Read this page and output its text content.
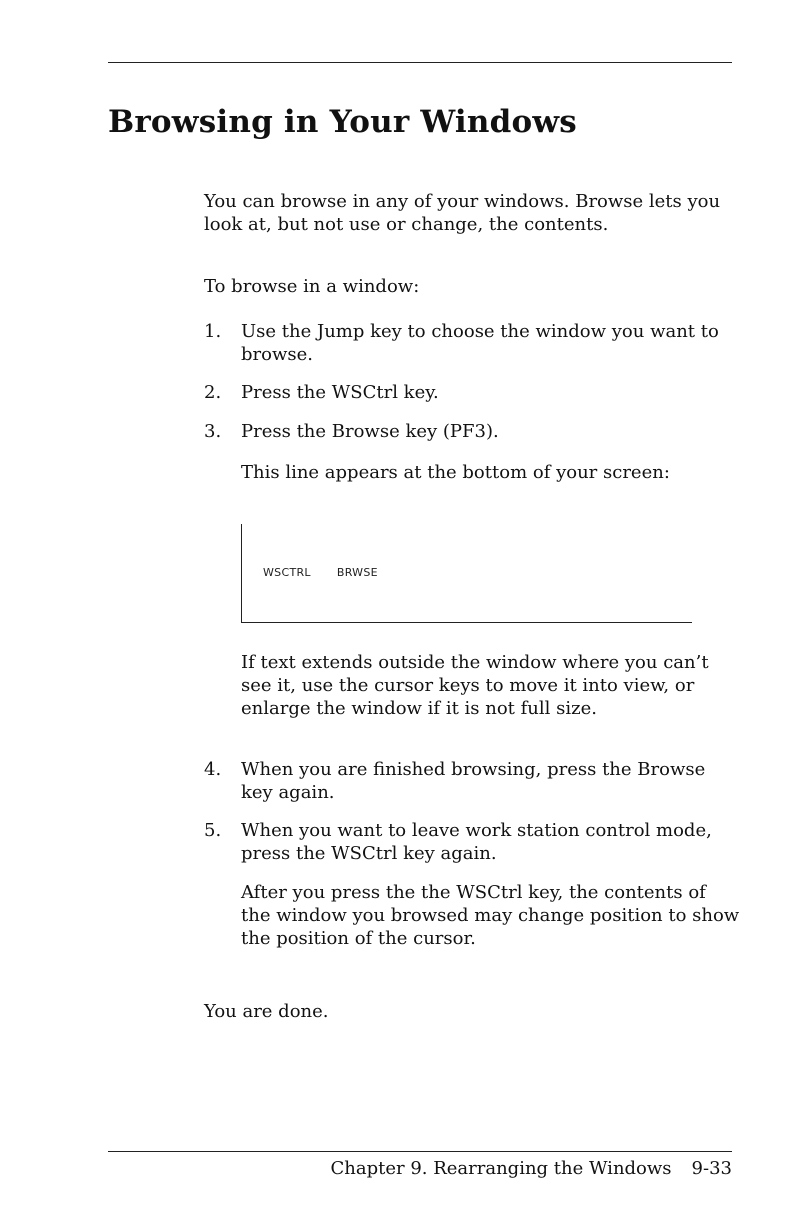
Browsing in Your Windows

You can browse in any of your windows. Browse lets you look at, but not use or change, the contents.

To browse in a window:

1. Use the Jump key to choose the window you want to browse.
2. Press the WSCtrl key.
3. Press the Browse key (PF3).

This line appears at the bottom of your screen:

WSCTRL BRWSE

If text extends outside the window where you can’t see it, use the cursor keys to move it into view, or enlarge the window if it is not full size.

4. When you are finished browsing, press the Browse key again.
5. When you want to leave work station control mode, press the WSCtrl key again.

After you press the the WSCtrl key, the contents of the window you browsed may change position to show the position of the cursor.

You are done.

Chapter 9. Rearranging the Windows 9-33
